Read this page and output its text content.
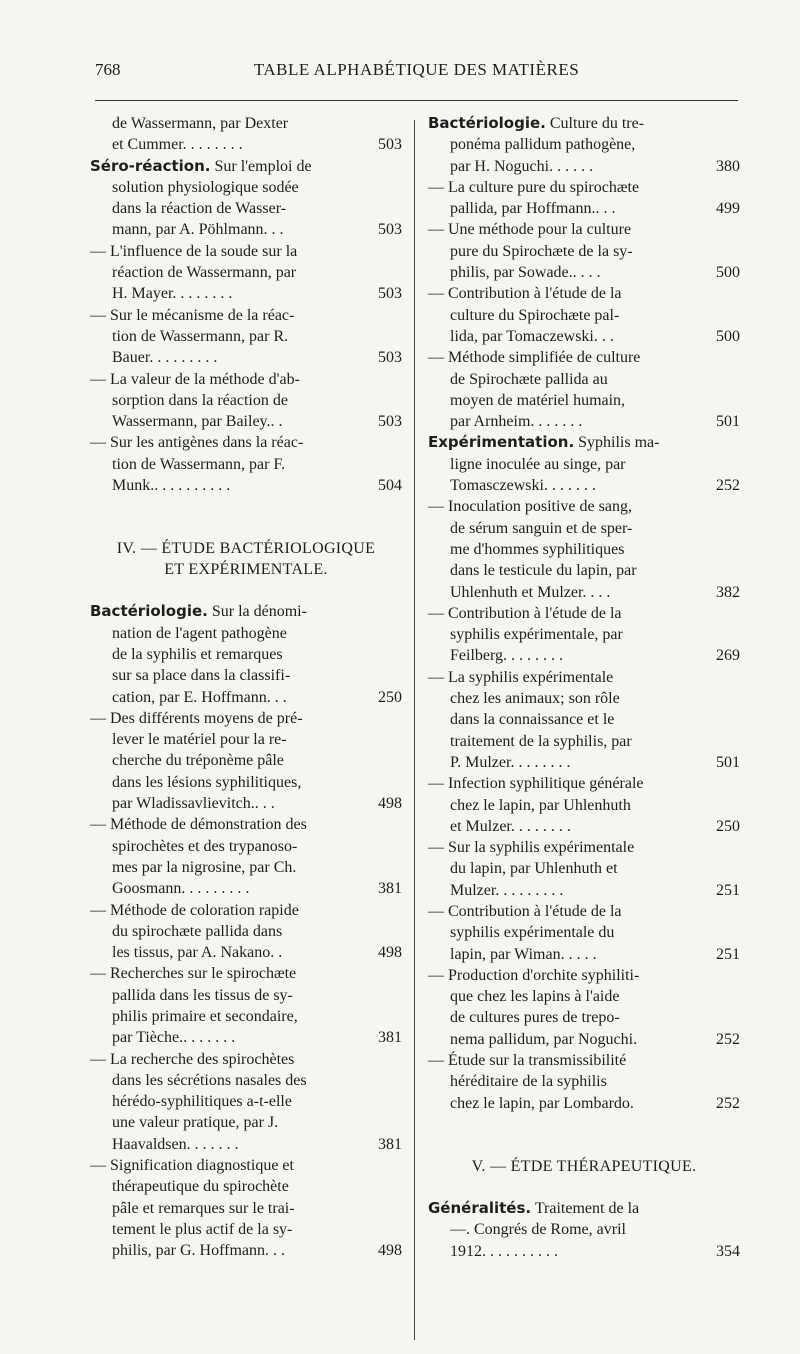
768	TABLE ALPHABÉTIQUE DES MATIÈRES
de Wassermann, par Dexter
et Cummer. . . . . . . .	503
Séro-réaction. Sur l'emploi de
solution physiologique sodée
dans la réaction de Wasser-
mann, par A. Pöhlmann. . .	503
— L'influence de la soude sur la
réaction de Wassermann, par
H. Mayer. . . . . . . .	503
— Sur le mécanisme de la réac-
tion de Wassermann, par R.
Bauer. . . . . . . . .	503
— La valeur de la méthode d'ab-
sorption dans la réaction de
Wassermann, par Bailey.. .	503
— Sur les antigènes dans la réac-
tion de Wassermann, par F.
Munk.. . . . . . . . . .	504
IV. — ÉTUDE BACTÉRIOLOGIQUE
ET EXPÉRIMENTALE.
Bactériologie. Sur la dénomi-
nation de l'agent pathogène
de la syphilis et remarques
sur sa place dans la classifi-
cation, par E. Hoffmann. . .	250
— Des différents moyens de pré-
lever le matériel pour la re-
cherche du tréponème pâle
dans les lésions syphilitiques,
par Wladissavlievitch.. . .	498
— Méthode de démonstration des
spirochètes et des trypanoso-
mes par la nigrosine, par Ch.
Goosmann. . . . . . . . .	381
— Méthode de coloration rapide
du spirochæte pallida dans
les tissus, par A. Nakano. .	498
— Recherches sur le spirochæte
pallida dans les tissus de sy-
philis primaire et secondaire,
par Tièche.. . . . . . .	381
— La recherche des spirochètes
dans les sécrétions nasales des
hérédo-syphilitiques a-t-elle
une valeur pratique, par J.
Haavaldsen. . . . . . .	381
— Signification diagnostique et
thérapeutique du spirochète
pâle et remarques sur le trai-
tement le plus actif de la sy-
philis, par G. Hoffmann. . .	498
Bactériologie. Culture du tre-
ponéma pallidum pathogène,
par H. Noguchi. . . . . .	380
— La culture pure du spirochæte
pallida, par Hoffmann.. . .	499
— Une méthode pour la culture
pure du Spirochæte de la sy-
philis, par Sowade.. . . .	500
— Contribution à l'étude de la
culture du Spirochæte pal-
lida, par Tomaczewski. . .	500
— Méthode simplifiée de culture
de Spirochæte pallida au
moyen de matériel humain,
par Arnheim. . . . . . .	501
Expérimentation. Syphilis ma-
ligne inoculée au singe, par
Tomasczewski. . . . . . .	252
— Inoculation positive de sang,
de sérum sanguin et de sper-
me d'hommes syphilitiques
dans le testicule du lapin, par
Uhlenhuth et Mulzer. . . .	382
— Contribution à l'étude de la
syphilis expérimentale, par
Feilberg. . . . . . . .	269
— La syphilis expérimentale
chez les animaux; son rôle
dans la connaissance et le
traitement de la syphilis, par
P. Mulzer. . . . . . . .	501
— Infection syphilitique générale
chez le lapin, par Uhlenhuth
et Mulzer. . . . . . . .	250
— Sur la syphilis expérimentale
du lapin, par Uhlenhuth et
Mulzer. . . . . . . . .	251
— Contribution à l'étude de la
syphilis expérimentale du
lapin, par Wiman. . . . .	251
— Production d'orchite syphiliti-
que chez les lapins à l'aide
de cultures pures de trepo-
nema pallidum, par Noguchi.	252
— Étude sur la transmissibilité
héréditaire de la syphilis
chez le lapin, par Lombardo.	252
V. — ÉTDE THÉRAPEUTIQUE.
Généralités. Traitement de la
—. Congrés de Rome, avril
1912. . . . . . . . . .	354
